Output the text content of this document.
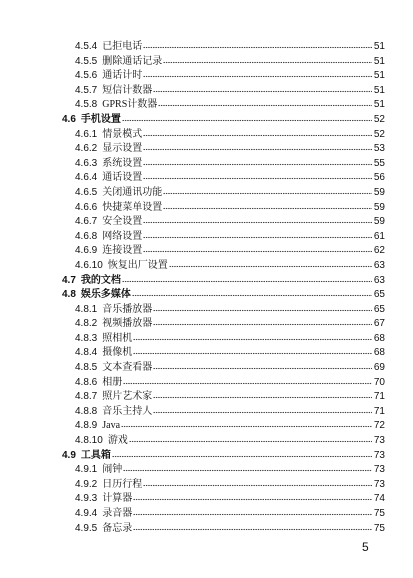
4.5.4 已拒电话	51
4.5.5 删除通话记录	51
4.5.6 通话计时	51
4.5.7 短信计数器	51
4.5.8 GPRS计数器	51
4.6 手机设置	52
4.6.1 情景模式	52
4.6.2 显示设置	53
4.6.3 系统设置	55
4.6.4 通话设置	56
4.6.5 关闭通讯功能	59
4.6.6 快捷菜单设置	59
4.6.7 安全设置	59
4.6.8 网络设置	61
4.6.9 连接设置	62
4.6.10 恢复出厂设置	63
4.7 我的文档	63
4.8 娱乐多媒体	65
4.8.1 音乐播放器	65
4.8.2 视频播放器	67
4.8.3 照相机	68
4.8.4 摄像机	68
4.8.5 文本查看器	69
4.8.6 相册	70
4.8.7 照片艺术家	71
4.8.8 音乐主持人	71
4.8.9 Java	72
4.8.10 游戏	73
4.9 工具箱	73
4.9.1 闹钟	73
4.9.2 日历行程	73
4.9.3 计算器	74
4.9.4 录音器	75
4.9.5 备忘录	75
5
